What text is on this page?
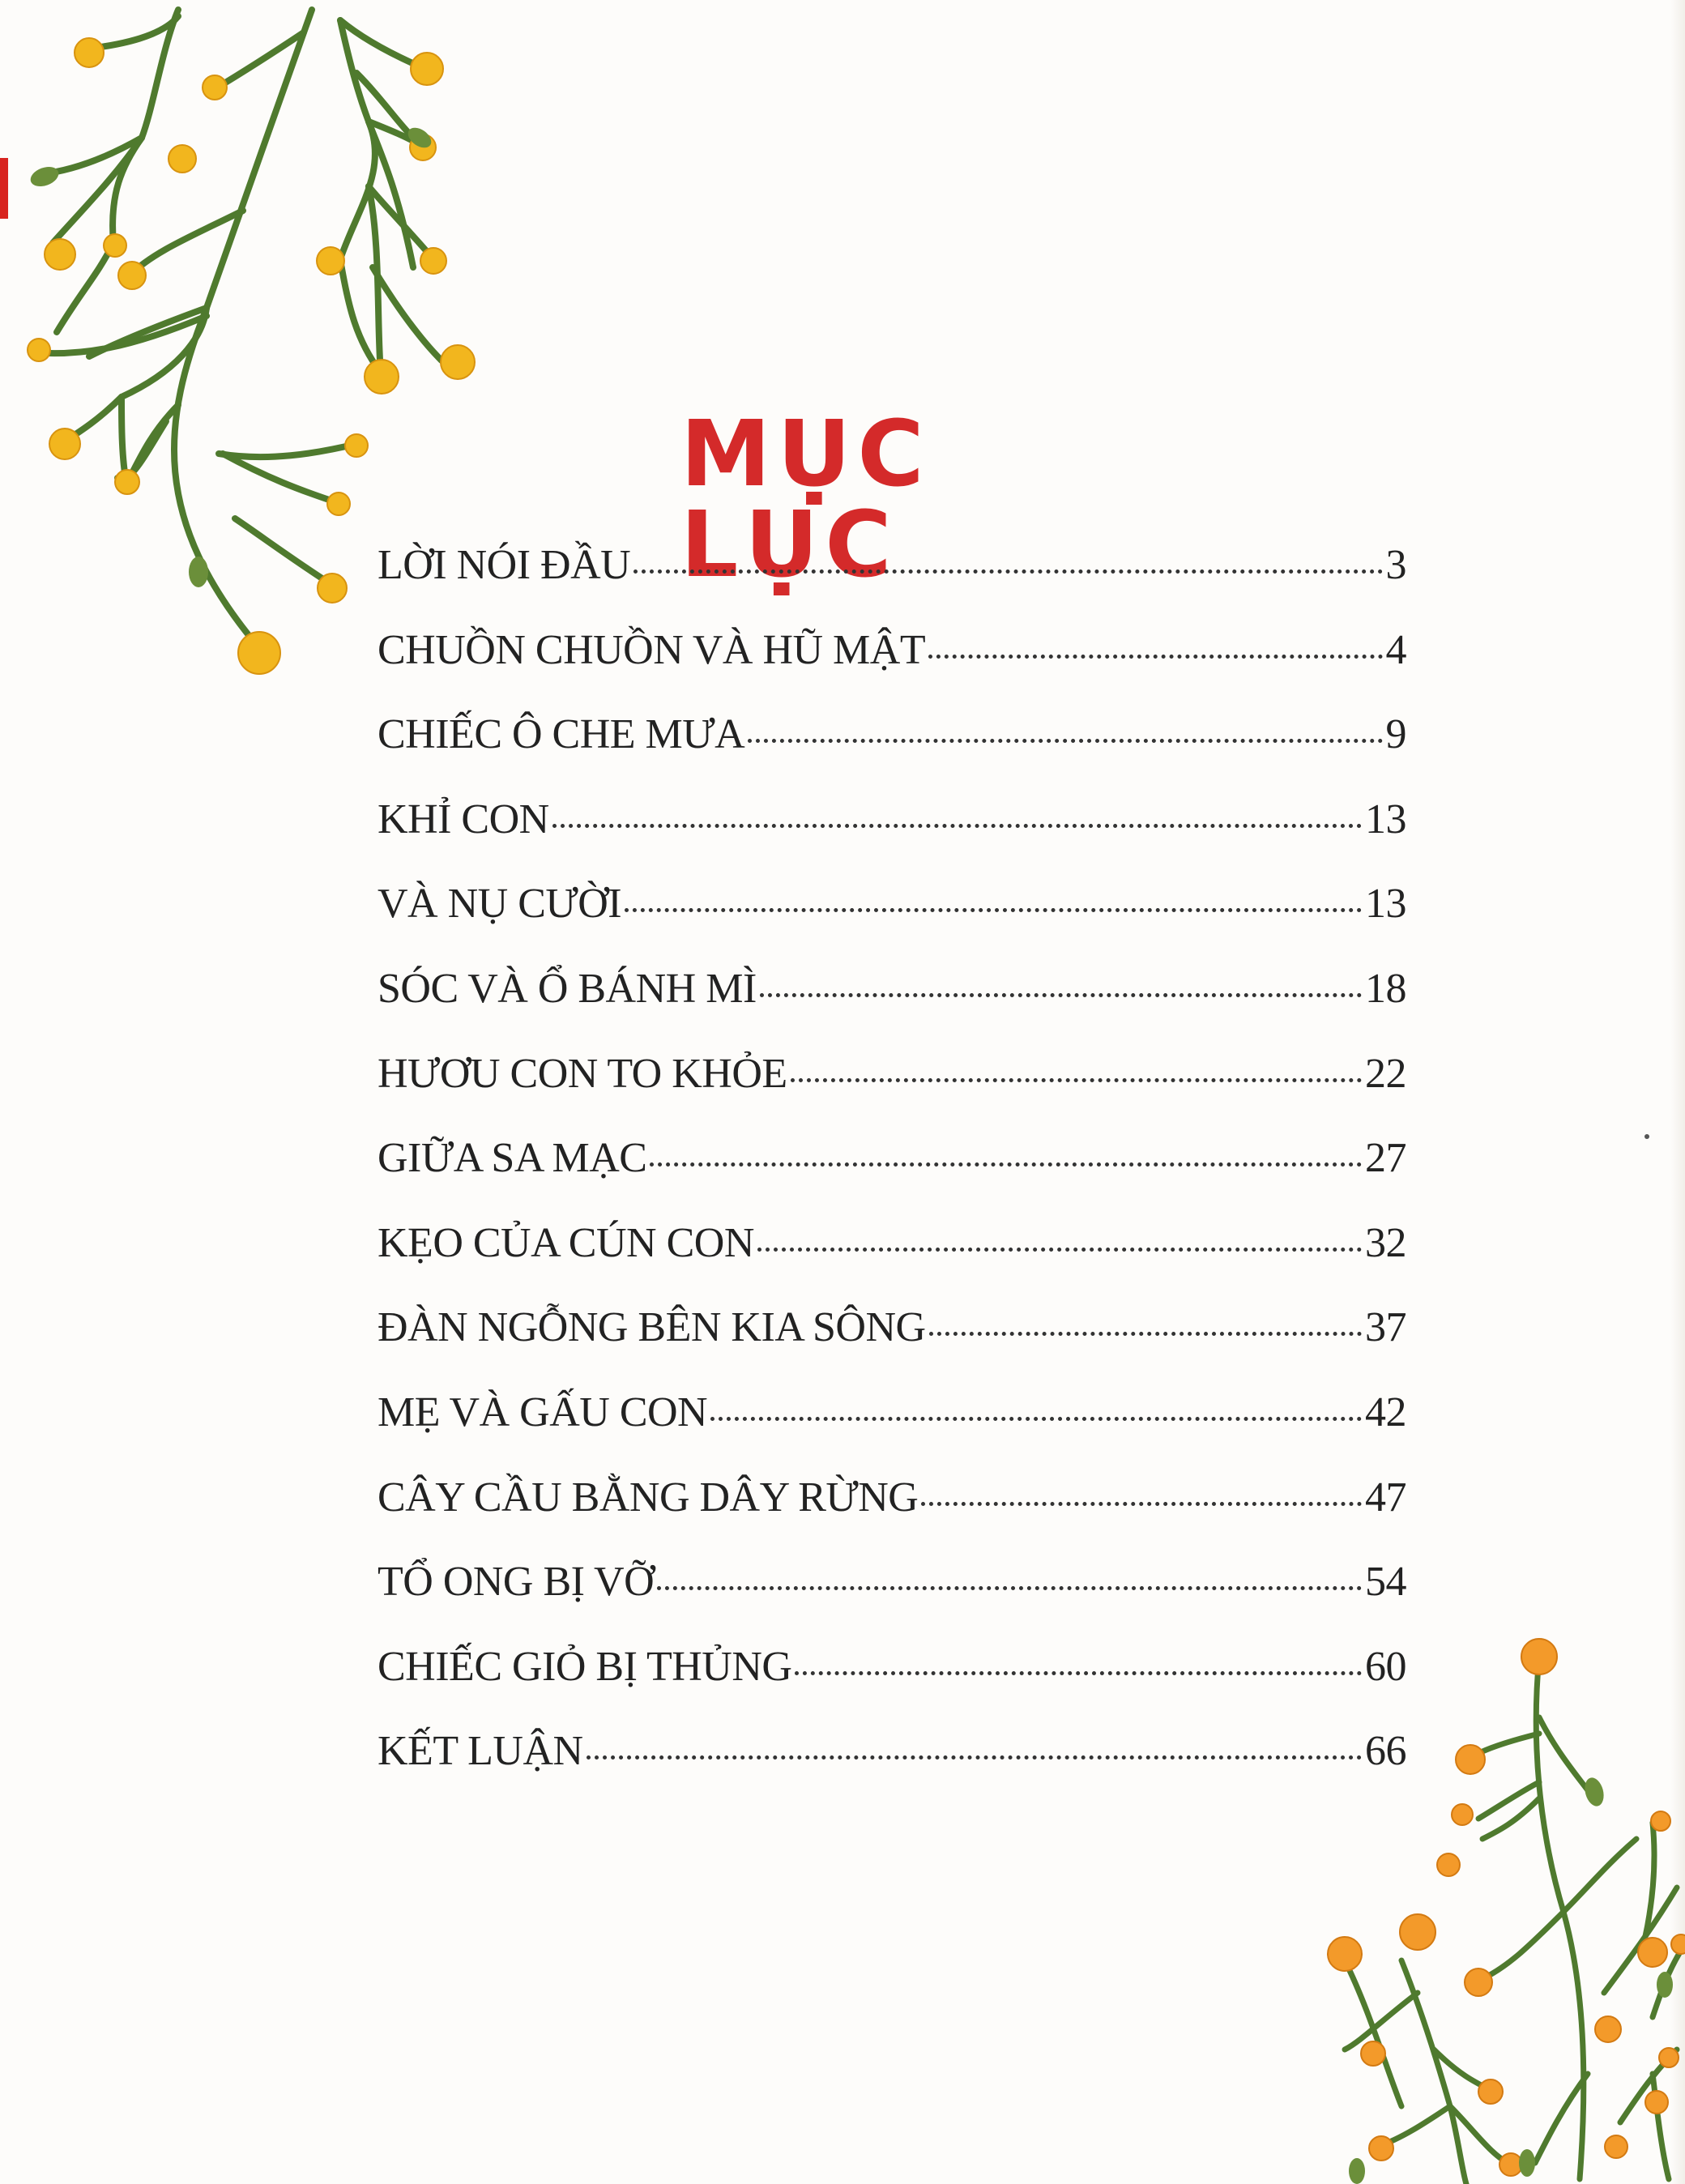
MỤC LỤC
LỜI NÓI ĐẦU	3
CHUỒN CHUỒN VÀ HŨ MẬT	4
CHIẾC Ô CHE MƯA	9
KHỈ CON	13
VÀ NỤ CƯỜI	13
SÓC VÀ Ổ BÁNH MÌ	18
HƯƠU CON TO KHỎE	22
GIỮA SA MẠC	27
KẸO CỦA CÚN CON	32
ĐÀN NGỖNG BÊN KIA SÔNG	37
MẸ VÀ GẤU CON	42
CÂY CẦU BẰNG DÂY RỪNG	47
TỔ ONG BỊ VỠ	54
CHIẾC GIỎ BỊ THỦNG	60
KẾT LUẬN	66
